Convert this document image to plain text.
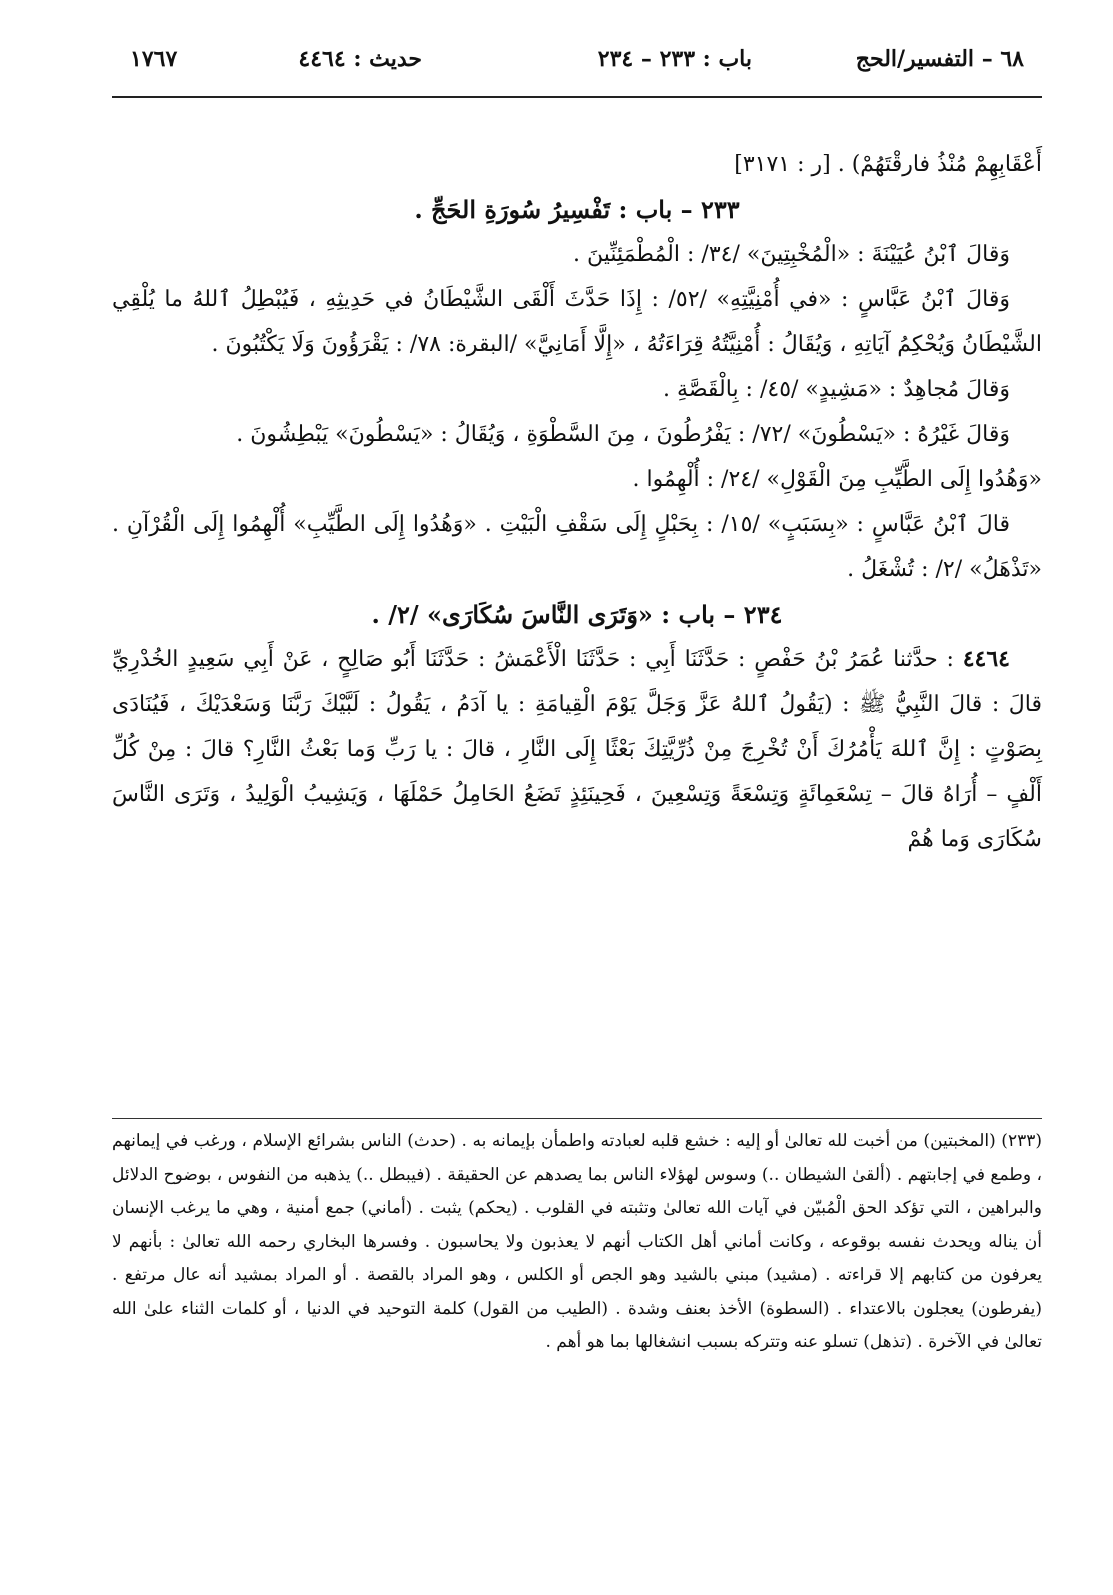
٦٨ – التفسير/الحج
باب : ٢٣٣ – ٢٣٤
حديث : ٤٤٦٤
١٧٦٧

أَعْقَابِهِمْ مُنْذُ فارقْتَهُمْ) . [ر : ٣١٧١]

٢٣٣ – باب : تَفْسِيرُ سُورَةِ الحَجِّ .

وَقالَ ٱبْنُ عُيَيْنَةَ : «الْمُخْبِتِينَ» /٣٤/ : الْمُطْمَئِنِّينَ .

وَقالَ ٱبْنُ عَبَّاسٍ : «في أُمْنِيَّتِهِ» /٥٢/ : إِذَا حَدَّثَ أَلْقَى الشَّيْطَانُ في حَدِيثِهِ ، فَيُبْطِلُ ٱللهُ ما يُلْقِي الشَّيْطَانُ وَيُحْكِمُ آيَاتِهِ ، وَيُقَالُ : أُمْنِيَّتُهُ قِرَاءَتُهُ ، «إِلَّا أَمَانِيَّ» /البقرة: ٧٨/ : يَقْرَؤُونَ وَلَا يَكْتُبُونَ .

وَقالَ مُجاهِدٌ : «مَشِيدٍ» /٤٥/ : بِالْقَصَّةِ .

وَقالَ غَيْرُهُ : «يَسْطُونَ» /٧٢/ : يَفْرُطُونَ ، مِنَ السَّطْوَةِ ، وَيُقَالُ : «يَسْطُونَ» يَبْطِشُونَ .

«وَهُدُوا إِلَى الطَّيِّبِ مِنَ الْقَوْلِ» /٢٤/ : أُلْهِمُوا .

قالَ ٱبْنُ عَبَّاسٍ : «بِسَبَبٍ» /١٥/ : بِحَبْلٍ إِلَى سَقْفِ الْبَيْتِ . «وَهُدُوا إِلَى الطَّيِّبِ» أُلْهِمُوا إِلَى الْقُرْآنِ . «تَذْهَلُ» /٢/ : تُشْغَلُ .

٢٣٤ – باب : «وَتَرَى النَّاسَ سُكَارَى» /٢/ .

٤٤٦٤ : حدَّثنا عُمَرُ بْنُ حَفْصٍ : حَدَّثَنَا أَبِي : حَدَّثَنَا الْأَعْمَشُ : حَدَّثَنَا أَبُو صَالِحٍ ، عَنْ أَبِي سَعِيدٍ الخُدْرِيِّ قالَ : قالَ النَّبِيُّ ﷺ : (يَقُولُ ٱللهُ عَزَّ وَجَلَّ يَوْمَ الْقِيامَةِ : يا آدَمُ ، يَقُولُ : لَبَّيْكَ رَبَّنَا وَسَعْدَيْكَ ، فَيُنَادَى بِصَوْتٍ : إِنَّ ٱللهَ يَأْمُرُكَ أَنْ تُخْرِجَ مِنْ ذُرِّيَّتِكَ بَعْثًا إِلَى النَّارِ ، قالَ : يا رَبِّ وَما بَعْثُ النَّارِ؟ قالَ : مِنْ كُلِّ أَلْفٍ – أُرَاهُ قالَ – تِسْعَمِائَةٍ وَتِسْعَةً وَتِسْعِينَ ، فَحِينَئِذٍ تَضَعُ الحَامِلُ حَمْلَهَا ، وَيَشِيبُ الْوَلِيدُ ، وَتَرَى النَّاسَ سُكَارَى وَما هُمْ

(٢٣٣) (المخبتين) من أخبت لله تعالىٰ أو إليه : خشع قلبه لعبادته واطمأن بإيمانه به . (حدث) الناس بشرائع الإسلام ، ورغب في إيمانهم ، وطمع في إجابتهم . (ألقىٰ الشيطان ..) وسوس لهؤلاء الناس بما يصدهم عن الحقيقة . (فيبطل ..) يذهبه من النفوس ، بوضوح الدلائل والبراهين ، التي تؤكد الحق الْمُبيّن في آيات الله تعالىٰ وتثبته في القلوب . (يحكم) يثبت . (أماني) جمع أمنية ، وهي ما يرغب الإنسان أن يناله ويحدث نفسه بوقوعه ، وكانت أماني أهل الكتاب أنهم لا يعذبون ولا يحاسبون . وفسرها البخاري رحمه الله تعالىٰ : بأنهم لا يعرفون من كتابهم إلا قراءته . (مشيد) مبني بالشيد وهو الجص أو الكلس ، وهو المراد بالقصة . أو المراد بمشيد أنه عال مرتفع . (يفرطون) يعجلون بالاعتداء . (السطوة) الأخذ بعنف وشدة . (الطيب من القول) كلمة التوحيد في الدنيا ، أو كلمات الثناء علىٰ الله تعالىٰ في الآخرة . (تذهل) تسلو عنه وتتركه بسبب انشغالها بما هو أهم .
